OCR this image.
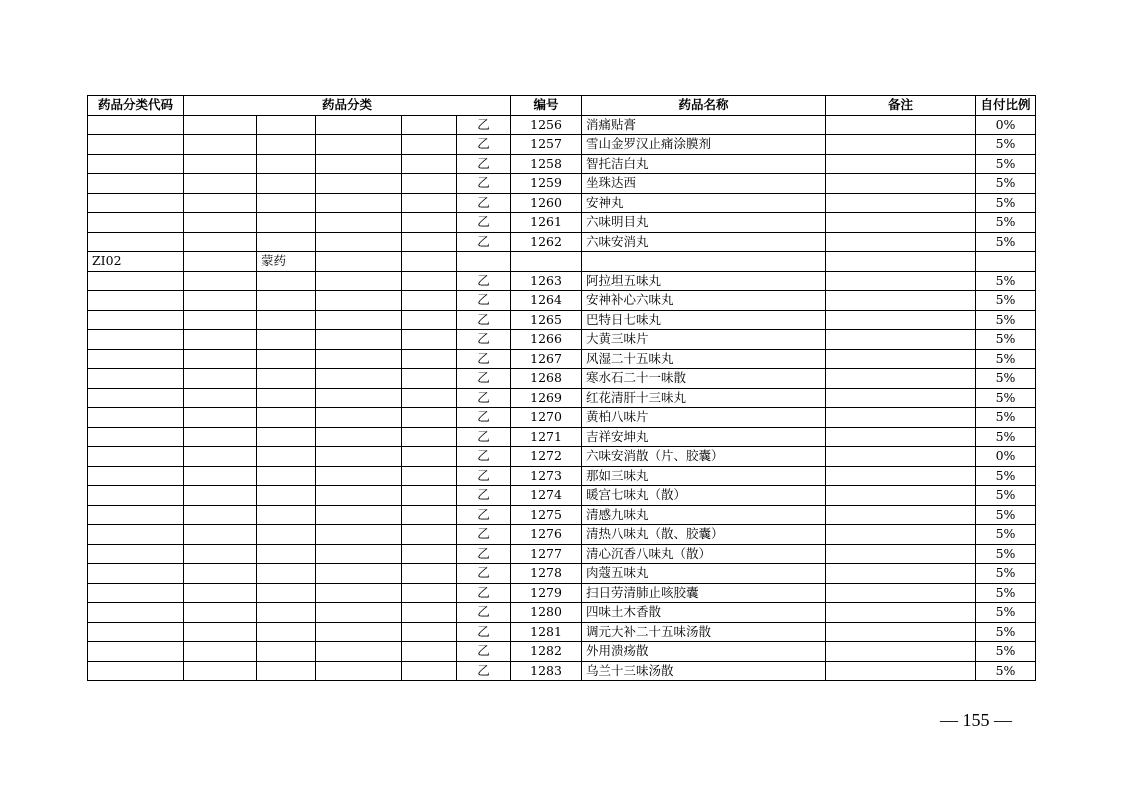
药品分类代码	药品分类					编号	药品名称	备注	自付比例
					乙	1256	消痛贴膏		0%
					乙	1257	雪山金罗汉止痛涂膜剂		5%
					乙	1258	智托洁白丸		5%
					乙	1259	坐珠达西		5%
					乙	1260	安神丸		5%
					乙	1261	六味明目丸		5%
					乙	1262	六味安消丸		5%
ZI02		蒙药							
					乙	1263	阿拉坦五味丸		5%
					乙	1264	安神补心六味丸		5%
					乙	1265	巴特日七味丸		5%
					乙	1266	大黄三味片		5%
					乙	1267	风湿二十五味丸		5%
					乙	1268	寒水石二十一味散		5%
					乙	1269	红花清肝十三味丸		5%
					乙	1270	黄柏八味片		5%
					乙	1271	吉祥安坤丸		5%
					乙	1272	六味安消散（片、胶囊）		0%
					乙	1273	那如三味丸		5%
					乙	1274	暖宫七味丸（散）		5%
					乙	1275	清感九味丸		5%
					乙	1276	清热八味丸（散、胶囊）		5%
					乙	1277	清心沉香八味丸（散）		5%
					乙	1278	肉蔻五味丸		5%
					乙	1279	扫日劳清肺止咳胶囊		5%
					乙	1280	四味土木香散		5%
					乙	1281	调元大补二十五味汤散		5%
					乙	1282	外用溃疡散		5%
					乙	1283	乌兰十三味汤散		5%
— 155 —
